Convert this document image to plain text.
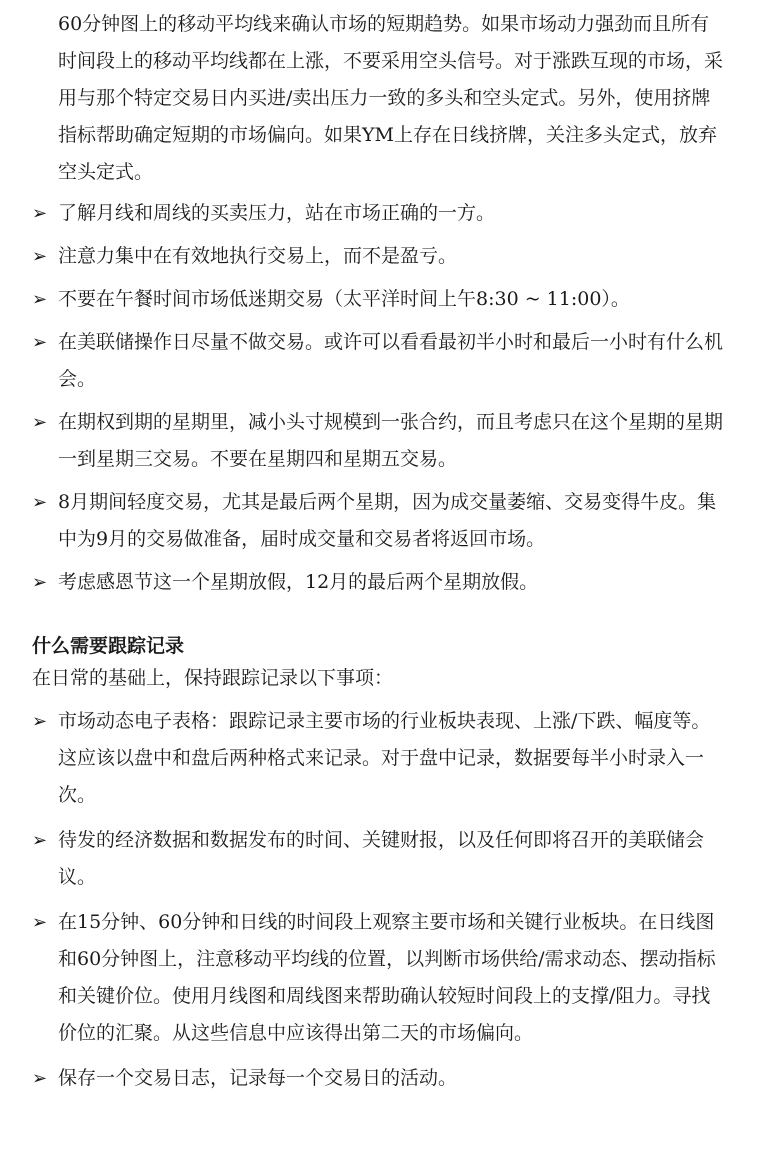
60分钟图上的移动平均线来确认市场的短期趋势。如果市场动力强劲而且所有时间段上的移动平均线都在上涨，不要采用空头信号。对于涨跌互现的市场，采用与那个特定交易日内买进/卖出压力一致的多头和空头定式。另外，使用挤牌指标帮助确定短期的市场偏向。如果YM上存在日线挤牌，关注多头定式，放弃空头定式。

➢ 了解月线和周线的买卖压力，站在市场正确的一方。
➢ 注意力集中在有效地执行交易上，而不是盈亏。
➢ 不要在午餐时间市场低迷期交易（太平洋时间上午8:30 ~ 11:00）。
➢ 在美联储操作日尽量不做交易。或许可以看看最初半小时和最后一小时有什么机会。
➢ 在期权到期的星期里，减小头寸规模到一张合约，而且考虑只在这个星期的星期一到星期三交易。不要在星期四和星期五交易。
➢ 8月期间轻度交易，尤其是最后两个星期，因为成交量萎缩、交易变得牛皮。集中为9月的交易做准备，届时成交量和交易者将返回市场。
➢ 考虑感恩节这一个星期放假，12月的最后两个星期放假。
什么需要跟踪记录

在日常的基础上，保持跟踪记录以下事项：

➢ 市场动态电子表格：跟踪记录主要市场的行业板块表现、上涨/下跌、幅度等。这应该以盘中和盘后两种格式来记录。对于盘中记录，数据要每半小时录入一次。
➢ 待发的经济数据和数据发布的时间、关键财报，以及任何即将召开的美联储会议。
➢ 在15分钟、60分钟和日线的时间段上观察主要市场和关键行业板块。在日线图和60分钟图上，注意移动平均线的位置，以判断市场供给/需求动态、摆动指标和关键价位。使用月线图和周线图来帮助确认较短时间段上的支撑/阻力。寻找价位的汇聚。从这些信息中应该得出第二天的市场偏向。
➢ 保存一个交易日志，记录每一个交易日的活动。
